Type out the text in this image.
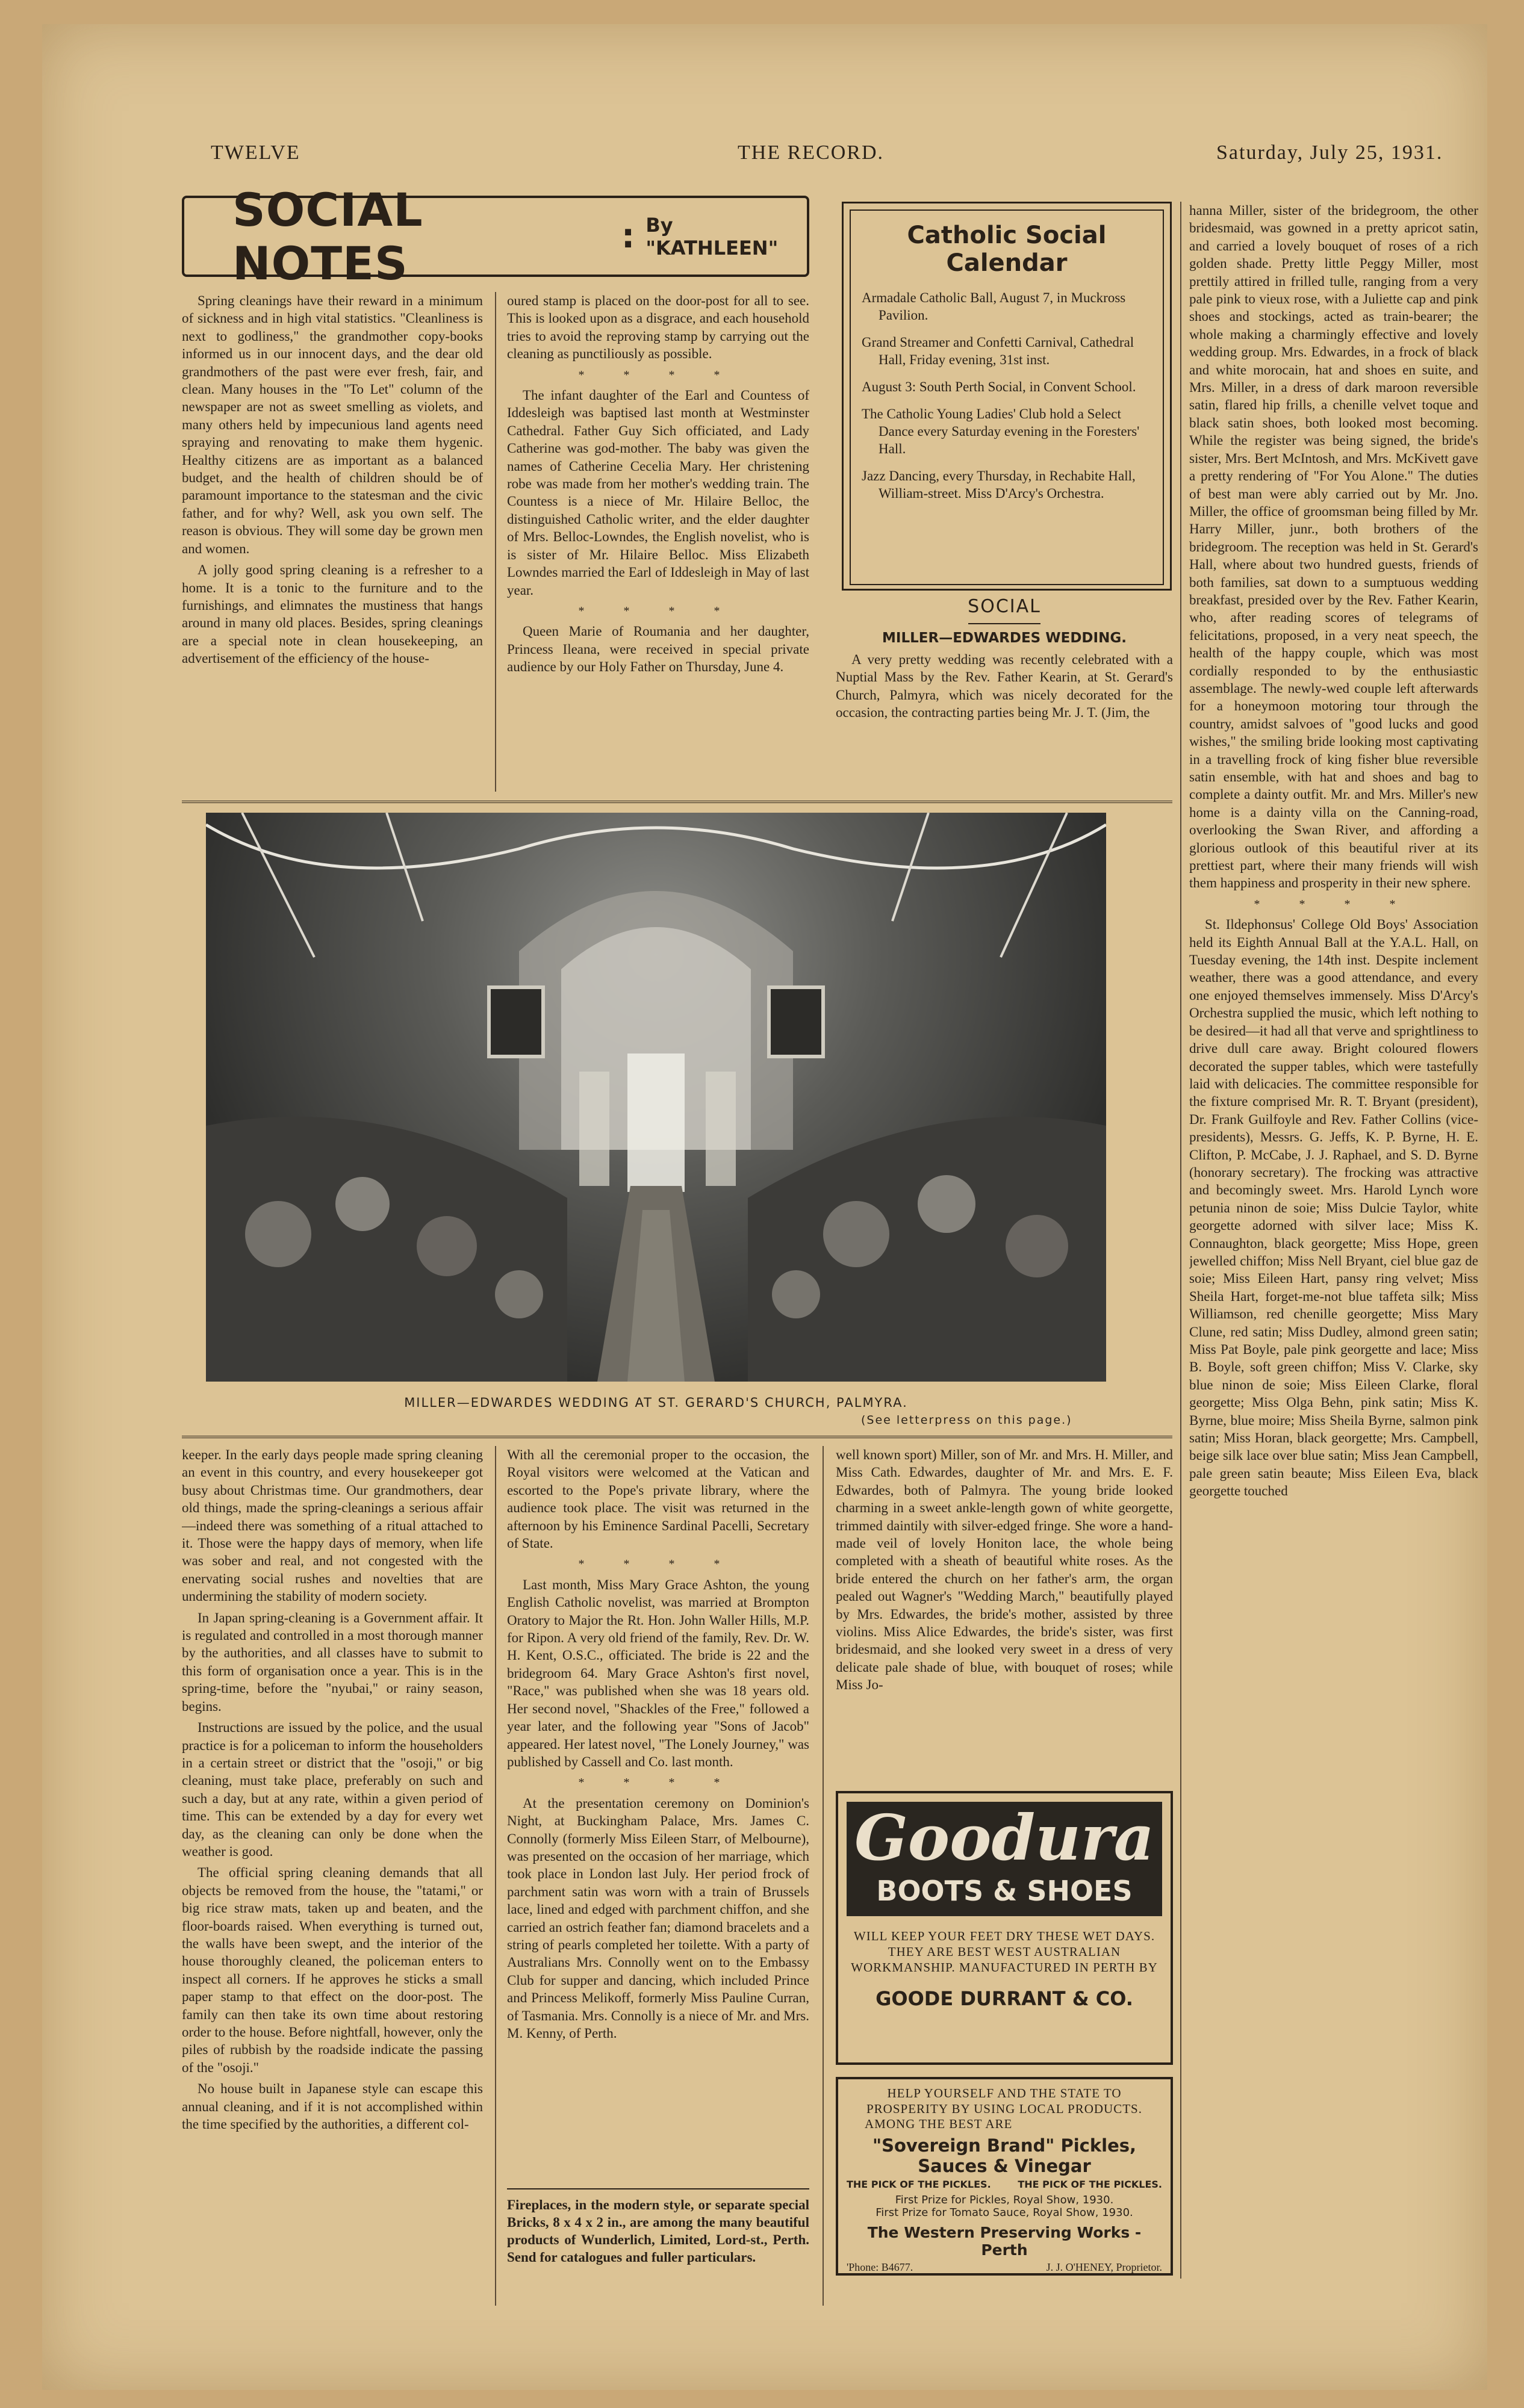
TWELVE	THE RECORD.	Saturday, July 25, 1931.
SOCIAL NOTES	: By "KATHLEEN"

Spring cleanings have their reward in a minimum of sickness and in high vital statistics. "Cleanliness is next to godliness," the grandmother copy-books informed us in our innocent days, and the dear old grandmothers of the past were ever fresh, fair, and clean. Many houses in the "To Let" column of the newspaper are not as sweet smelling as violets, and many others held by impecunious land agents need spraying and renovating to make them hygenic. Healthy citizens are as important as a balanced budget, and the health of children should be of paramount importance to the statesman and the civic father, and for why? Well, ask you own self. The reason is obvious. They will some day be grown men and women.

A jolly good spring cleaning is a refresher to a home. It is a tonic to the furniture and to the furnishings, and elimnates the mustiness that hangs around in many old places. Besides, spring cleanings are a special note in clean housekeeping, an advertisement of the efficiency of the house-

oured stamp is placed on the door-post for all to see. This is looked upon as a disgrace, and each household tries to avoid the reproving stamp by carrying out the cleaning as punctiliously as possible.

* * * *

The infant daughter of the Earl and Countess of Iddesleigh was baptised last month at Westminster Cathedral. Father Guy Sich officiated, and Lady Catherine was god-mother. The baby was given the names of Catherine Cecelia Mary. Her christening robe was made from her mother's wedding train. The Countess is a niece of Mr. Hilaire Belloc, the distinguished Catholic writer, and the elder daughter of Mrs. Belloc-Lowndes, the English novelist, who is is sister of Mr. Hilaire Belloc. Miss Elizabeth Lowndes married the Earl of Iddesleigh in May of last year.

* * * *

Queen Marie of Roumania and her daughter, Princess Ileana, were received in special private audience by our Holy Father on Thursday, June 4.

Catholic Social Calendar
Armadale Catholic Ball, August 7, in Muckross Pavilion.
Grand Streamer and Confetti Carnival, Cathedral Hall, Friday evening, 31st inst.
August 3: South Perth Social, in Convent School.
The Catholic Young Ladies' Club hold a Select Dance every Saturday evening in the Foresters' Hall.
Jazz Dancing, every Thursday, in Rechabite Hall, William-street. Miss D'Arcy's Orchestra.
SOCIAL
MILLER—EDWARDES WEDDING.

A very pretty wedding was recently celebrated with a Nuptial Mass by the Rev. Father Kearin, at St. Gerard's Church, Palmyra, which was nicely decorated for the occasion, the contracting parties being Mr. J. T. (Jim, the

hanna Miller, sister of the bridegroom, the other bridesmaid, was gowned in a pretty apricot satin, and carried a lovely bouquet of roses of a rich golden shade. Pretty little Peggy Miller, most prettily attired in frilled tulle, ranging from a very pale pink to vieux rose, with a Juliette cap and pink shoes and stockings, acted as train-bearer; the whole making a charmingly effective and lovely wedding group. Mrs. Edwardes, in a frock of black and white morocain, hat and shoes en suite, and Mrs. Miller, in a dress of dark maroon reversible satin, flared hip frills, a chenille velvet toque and black satin shoes, both looked most becoming. While the register was being signed, the bride's sister, Mrs. Bert McIntosh, and Mrs. McKivett gave a pretty rendering of "For You Alone." The duties of best man were ably carried out by Mr. Jno. Miller, the office of groomsman being filled by Mr. Harry Miller, junr., both brothers of the bridegroom. The reception was held in St. Gerard's Hall, where about two hundred guests, friends of both families, sat down to a sumptuous wedding breakfast, presided over by the Rev. Father Kearin, who, after reading scores of telegrams of felicitations, proposed, in a very neat speech, the health of the happy couple, which was most cordially responded to by the enthusiastic assemblage. The newly-wed couple left afterwards for a honeymoon motoring tour through the country, amidst salvoes of "good lucks and good wishes," the smiling bride looking most captivating in a travelling frock of king fisher blue reversible satin ensemble, with hat and shoes and bag to complete a dainty outfit. Mr. and Mrs. Miller's new home is a dainty villa on the Canning-road, overlooking the Swan River, and affording a glorious outlook of this beautiful river at its prettiest part, where their many friends will wish them happiness and prosperity in their new sphere.

* * * *

St. Ildephonsus' College Old Boys' Association held its Eighth Annual Ball at the Y.A.L. Hall, on Tuesday evening, the 14th inst. Despite inclement weather, there was a good attendance, and every one enjoyed themselves immensely. Miss D'Arcy's Orchestra supplied the music, which left nothing to be desired—it had all that verve and sprightliness to drive dull care away. Bright coloured flowers decorated the supper tables, which were tastefully laid with delicacies. The committee responsible for the fixture comprised Mr. R. T. Bryant (president), Dr. Frank Guilfoyle and Rev. Father Collins (vice-presidents), Messrs. G. Jeffs, K. P. Byrne, H. E. Clifton, P. McCabe, J. J. Raphael, and S. D. Byrne (honorary secretary). The frocking was attractive and becomingly sweet. Mrs. Harold Lynch wore petunia ninon de soie; Miss Dulcie Taylor, white georgette adorned with silver lace; Miss K. Connaughton, black georgette; Miss Hope, green jewelled chiffon; Miss Nell Bryant, ciel blue gaz de soie; Miss Eileen Hart, pansy ring velvet; Miss Sheila Hart, forget-me-not blue taffeta silk; Miss Williamson, red chenille georgette; Miss Mary Clune, red satin; Miss Dudley, almond green satin; Miss Pat Boyle, pale pink georgette and lace; Miss B. Boyle, soft green chiffon; Miss V. Clarke, sky blue ninon de soie; Miss Eileen Clarke, floral georgette; Miss Olga Behn, pink satin; Miss K. Byrne, blue moire; Miss Sheila Byrne, salmon pink satin; Miss Horan, black georgette; Mrs. Campbell, beige silk lace over blue satin; Miss Jean Campbell, pale green satin beaute; Miss Eileen Eva, black georgette touched

MILLER—EDWARDES WEDDING AT ST. GERARD'S CHURCH, PALMYRA.
(See letterpress on this page.)

keeper. In the early days people made spring cleaning an event in this country, and every housekeeper got busy about Christmas time. Our grandmothers, dear old things, made the spring-cleanings a serious affair—indeed there was something of a ritual attached to it. Those were the happy days of memory, when life was sober and real, and not congested with the enervating social rushes and novelties that are undermining the stability of modern society.

In Japan spring-cleaning is a Government affair. It is regulated and controlled in a most thorough manner by the authorities, and all classes have to submit to this form of organisation once a year. This is in the spring-time, before the "nyubai," or rainy season, begins.

Instructions are issued by the police, and the usual practice is for a policeman to inform the householders in a certain street or district that the "osoji," or big cleaning, must take place, preferably on such and such a day, but at any rate, within a given period of time. This can be extended by a day for every wet day, as the cleaning can only be done when the weather is good.

The official spring cleaning demands that all objects be removed from the house, the "tatami," or big rice straw mats, taken up and beaten, and the floor-boards raised. When everything is turned out, the walls have been swept, and the interior of the house thoroughly cleaned, the policeman enters to inspect all corners. If he approves he sticks a small paper stamp to that effect on the door-post. The family can then take its own time about restoring order to the house. Before nightfall, however, only the piles of rubbish by the roadside indicate the passing of the "osoji."

No house built in Japanese style can escape this annual cleaning, and if it is not accomplished within the time specified by the authorities, a different col-

With all the ceremonial proper to the occasion, the Royal visitors were welcomed at the Vatican and escorted to the Pope's private library, where the audience took place. The visit was returned in the afternoon by his Eminence Sardinal Pacelli, Secretary of State.

* * * *

Last month, Miss Mary Grace Ashton, the young English Catholic novelist, was married at Brompton Oratory to Major the Rt. Hon. John Waller Hills, M.P. for Ripon. A very old friend of the family, Rev. Dr. W. H. Kent, O.S.C., officiated. The bride is 22 and the bridegroom 64. Mary Grace Ashton's first novel, "Race," was published when she was 18 years old. Her second novel, "Shackles of the Free," followed a year later, and the following year "Sons of Jacob" appeared. Her latest novel, "The Lonely Journey," was published by Cassell and Co. last month.

* * * *

At the presentation ceremony on Dominion's Night, at Buckingham Palace, Mrs. James C. Connolly (formerly Miss Eileen Starr, of Melbourne), was presented on the occasion of her marriage, which took place in London last July. Her period frock of parchment satin was worn with a train of Brussels lace, lined and edged with parchment chiffon, and she carried an ostrich feather fan; diamond bracelets and a string of pearls completed her toilette. With a party of Australians Mrs. Connolly went on to the Embassy Club for supper and dancing, which included Prince and Princess Melikoff, formerly Miss Pauline Curran, of Tasmania. Mrs. Connolly is a niece of Mr. and Mrs. M. Kenny, of Perth.

Fireplaces, in the modern style, or separate special Bricks, 8 x 4 x 2 in., are among the many beautiful products of Wunderlich, Limited, Lord-st., Perth. Send for catalogues and fuller particulars.

well known sport) Miller, son of Mr. and Mrs. H. Miller, and Miss Cath. Edwardes, daughter of Mr. and Mrs. E. F. Edwardes, both of Palmyra. The young bride looked charming in a sweet ankle-length gown of white georgette, trimmed daintily with silver-edged fringe. She wore a hand-made veil of lovely Honiton lace, the whole being completed with a sheath of beautiful white roses. As the bride entered the church on her father's arm, the organ pealed out Wagner's "Wedding March," beautifully played by Mrs. Edwardes, the bride's mother, assisted by three violins. Miss Alice Edwardes, the bride's sister, was first bridesmaid, and she looked very sweet in a dress of very delicate pale shade of blue, with bouquet of roses; while Miss Jo-

Goodura
BOOTS & SHOES
WILL KEEP YOUR FEET DRY THESE WET DAYS. THEY ARE BEST WEST AUSTRALIAN WORKMANSHIP. MANUFACTURED IN PERTH BY
GOODE DURRANT & CO.
HELP YOURSELF AND THE STATE TO PROSPERITY BY USING LOCAL PRODUCTS.
AMONG THE BEST ARE
"Sovereign Brand" Pickles, Sauces & Vinegar
THE PICK OF THE PICKLES.	THE PICK OF THE PICKLES.
First Prize for Pickles, Royal Show, 1930.
First Prize for Tomato Sauce, Royal Show, 1930.
The Western Preserving Works - Perth
'Phone: B4677.	J. J. O'HENEY, Proprietor.
